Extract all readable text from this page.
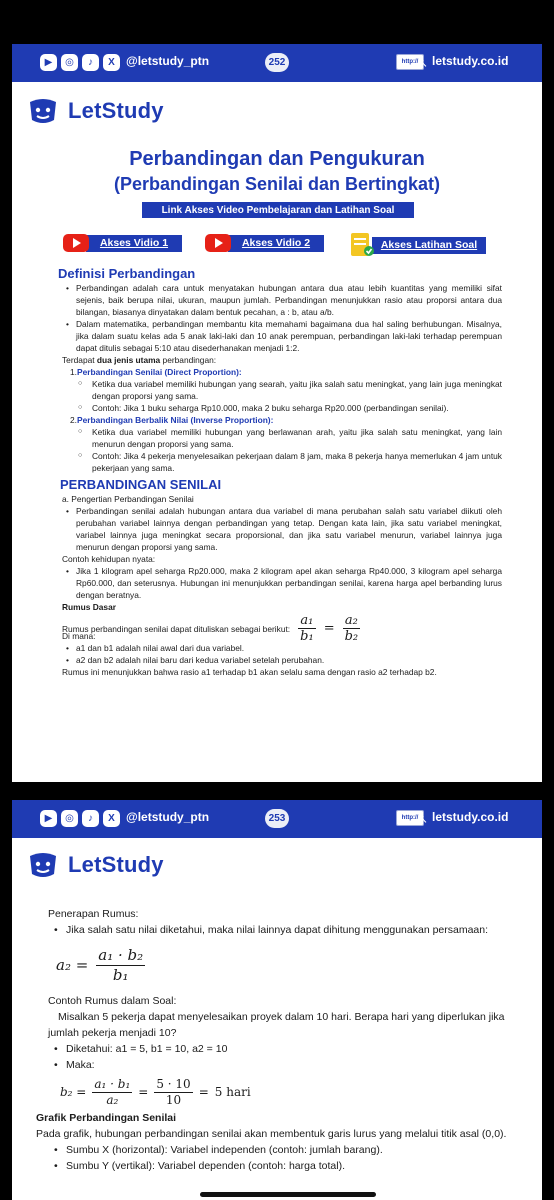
▶	◎	♪	X @letstudy_ptn	252	http:// ↖ letstudy.co.id
LetStudy
Perbandingan dan Pengukuran
(Perbandingan Senilai dan Bertingkat)
Link Akses Video Pembelajaran dan Latihan Soal
Akses Vidio 1	Akses Vidio 2	Akses Latihan Soal
Definisi Perbandingan
• Perbandingan adalah cara untuk menyatakan hubungan antara dua atau lebih kuantitas yang memiliki sifat sejenis, baik berupa nilai, ukuran, maupun jumlah. Perbandingan menunjukkan rasio atau proporsi antara dua bilangan, biasanya dinyatakan dalam bentuk pecahan, a : b, atau a/b.
• Dalam matematika, perbandingan membantu kita memahami bagaimana dua hal saling berhubungan. Misalnya, jika dalam suatu kelas ada 5 anak laki-laki dan 10 anak perempuan, perbandingan laki-laki terhadap perempuan dapat ditulis sebagai 5:10 atau disederhanakan menjadi 1:2.
Terdapat dua jenis utama perbandingan:
1.Perbandingan Senilai (Direct Proportion):
○ Ketika dua variabel memiliki hubungan yang searah, yaitu jika salah satu meningkat, yang lain juga meningkat dengan proporsi yang sama.
○ Contoh: Jika 1 buku seharga Rp10.000, maka 2 buku seharga Rp20.000 (perbandingan senilai).
2.Perbandingan Berbalik Nilai (Inverse Proportion):
○ Ketika dua variabel memiliki hubungan yang berlawanan arah, yaitu jika salah satu meningkat, yang lain menurun dengan proporsi yang sama.
○ Contoh: Jika 4 pekerja menyelesaikan pekerjaan dalam 8 jam, maka 8 pekerja hanya memerlukan 4 jam untuk pekerjaan yang sama.
PERBANDINGAN SENILAI
a. Pengertian Perbandingan Senilai
• Perbandingan senilai adalah hubungan antara dua variabel di mana perubahan salah satu variabel diikuti oleh perubahan variabel lainnya dengan perbandingan yang tetap. Dengan kata lain, jika satu variabel meningkat, variabel lainnya juga meningkat secara proporsional, dan jika satu variabel menurun, variabel lainnya juga menurun dengan proporsi yang sama.
Contoh kehidupan nyata:
• Jika 1 kilogram apel seharga Rp20.000, maka 2 kilogram apel akan seharga Rp40.000, 3 kilogram apel seharga Rp60.000, dan seterusnya. Hubungan ini menunjukkan perbandingan senilai, karena harga apel berbanding lurus dengan beratnya.
Rumus Dasar
Rumus perbandingan senilai dapat dituliskan sebagai berikut: $\frac{\text{a₁}}{\text{b₁}} = \frac{\text{a₂}}{\text{b₂}}$
Di mana:
• a1 dan b1 adalah nilai awal dari dua variabel.
• a2 dan b2 adalah nilai baru dari kedua variabel setelah perubahan.
Rumus ini menunjukkan bahwa rasio a1 terhadap b1 akan selalu sama dengan rasio a2 terhadap b2.
▶	◎	♪	X @letstudy_ptn	253	http:// ↖ letstudy.co.id
LetStudy
Penerapan Rumus:
• Jika salah satu nilai diketahui, maka nilai lainnya dapat dihitung menggunakan persamaan:
$a_2 = \frac{\text{a₁ · b₂}}{\text{b₁}}$
Contoh Rumus dalam Soal:
Misalkan 5 pekerja dapat menyelesaikan proyek dalam 10 hari. Berapa hari yang diperlukan jika jumlah pekerja menjadi 10?
• Diketahui: a1 = 5, b1 = 10, a2 = 10
• Maka:
$b_2 = \frac{\text{a₁ · b₁}}{\text{a₂}} = \frac{5 \cdot 10}{10} = 5$ hari
Grafik Perbandingan Senilai
Pada grafik, hubungan perbandingan senilai akan membentuk garis lurus yang melalui titik asal (0,0).
• Sumbu X (horizontal): Variabel independen (contoh: jumlah barang).
• Sumbu Y (vertikal): Variabel dependen (contoh: harga total).
